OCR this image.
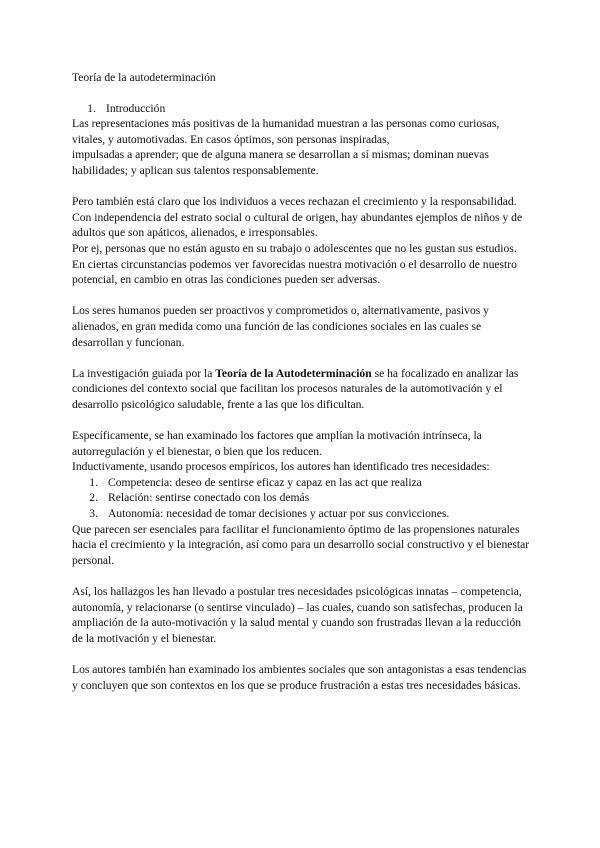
Teoría de la autodeterminación

1. Introducción

Las representaciones más positivas de la humanidad muestran a las personas como curiosas, vitales, y automotivadas. En casos óptimos, son personas inspiradas,

impulsadas a aprender; que de alguna manera se desarrollan a sí mismas; dominan nuevas habilidades; y aplican sus talentos responsablemente.

Pero también está claro que los individuos a veces rechazan el crecimiento y la responsabilidad. Con independencia del estrato social o cultural de origen, hay abundantes ejemplos de niños y de adultos que son apáticos, alienados, e irresponsables.

Por ej, personas que no están agusto en su trabajo o adolescentes que no les gustan sus estudios. En ciertas circunstancias podemos ver favorecidas nuestra motivación o el desarrollo de nuestro potencial, en cambio en otras las condiciones pueden ser adversas.

Los seres humanos pueden ser proactivos y comprometidos o, alternativamente, pasivos y alienados, en gran medida como una función de las condiciones sociales en las cuales se desarrollan y funcionan.

La investigación guiada por la Teoría de la Autodeterminación se ha focalizado en analizar las condiciones del contexto social que facilitan los procesos naturales de la automotivación y el desarrollo psicológico saludable, frente a las que los dificultan.

Específicamente, se han examinado los factores que amplían la motivación intrínseca, la autorregulación y el bienestar, o bien que los reducen.

Inductivamente, usando procesos empíricos, los autores han identificado tres necesidades:

1. Competencia: deseo de sentirse eficaz y capaz en las act que realiza
2. Relación: sentirse conectado con los demás
3. Autonomía: necesidad de tomar decisiones y actuar por sus convicciones.

Que parecen ser esenciales para facilitar el funcionamiento óptimo de las propensiones naturales hacia el crecimiento y la integración, así como para un desarrollo social constructivo y el bienestar personal.

Así, los hallazgos les han llevado a postular tres necesidades psicológicas innatas – competencia, autonomía, y relacionarse (o sentirse vinculado) – las cuales, cuando son satisfechas, producen la ampliación de la auto-motivación y la salud mental y cuando son frustradas llevan a la reducción de la motivación y el bienestar.

Los autores también han examinado los ambientes sociales que son antagonistas a esas tendencias y concluyen que son contextos en los que se produce frustración a estas tres necesidades básicas.
